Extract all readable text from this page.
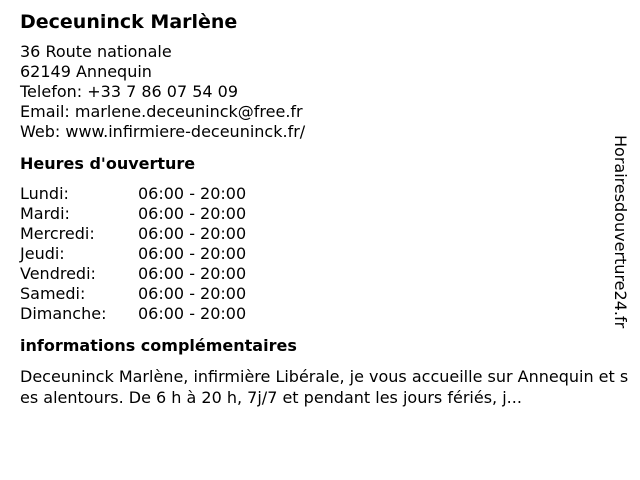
Deceuninck Marlène
36 Route nationale
62149 Annequin
Telefon: +33 7 86 07 54 09
Email: marlene.deceuninck@free.fr
Web: www.infirmiere-deceuninck.fr/
Heures d'ouverture
Lundi:	06:00 - 20:00
Mardi:	06:00 - 20:00
Mercredi:	06:00 - 20:00
Jeudi:	06:00 - 20:00
Vendredi:	06:00 - 20:00
Samedi:	06:00 - 20:00
Dimanche:	06:00 - 20:00
informations complémentaires
Deceuninck Marlène, infirmière Libérale, je vous accueille sur Annequin et ses alentours. De 6 h à 20 h, 7j/7 et pendant les jours fériés, j...
Horairesdouverture24.fr
